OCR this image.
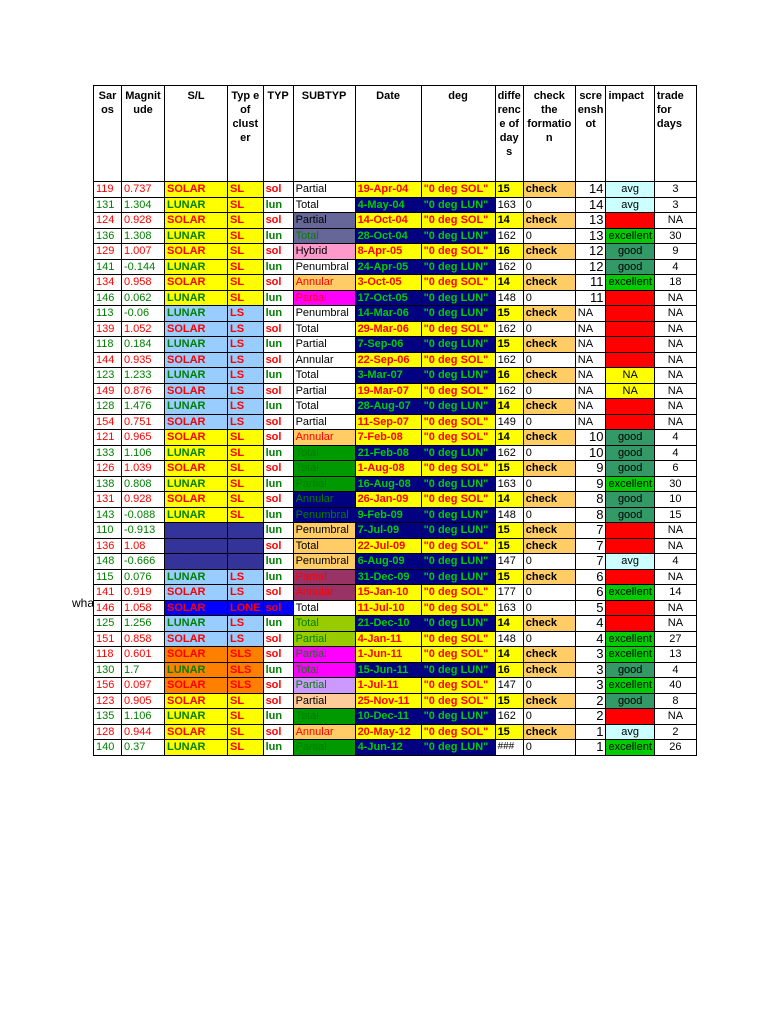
wha
Sar os	Magnit ude	S/L	Typ e of clust er	TYP	SUBTYP	Date	deg	diffe renc e of day s	check the formatio n	scre ensh ot	impact	trade for days
119	0.737	SOLAR	SL	sol	Partial	19-Apr-04	"0 deg SOL"	15	check	14	avg	3
131	1.304	LUNAR	SL	lun	Total	4-May-04	"0 deg LUN"	163	0	14	avg	3
124	0.928	SOLAR	SL	sol	Partial	14-Oct-04	"0 deg SOL"	14	check	13	bad	NA
136	1.308	LUNAR	SL	lun	Total	28-Oct-04	"0 deg LUN"	162	0	13	excellent	30
129	1.007	SOLAR	SL	sol	Hybrid	8-Apr-05	"0 deg SOL"	16	check	12	good	9
141	-0.144	LUNAR	SL	lun	Penumbral	24-Apr-05	"0 deg LUN"	162	0	12	good	4
134	0.958	SOLAR	SL	sol	Annular	3-Oct-05	"0 deg SOL"	14	check	11	excellent	18
146	0.062	LUNAR	SL	lun	Partial	17-Oct-05	"0 deg LUN"	148	0	11	bad	NA
113	-0.06	LUNAR	LS	lun	Penumbral	14-Mar-06	"0 deg LUN"	15	check	NA	bad	NA
139	1.052	SOLAR	LS	sol	Total	29-Mar-06	"0 deg SOL"	162	0	NA	bad	NA
118	0.184	LUNAR	LS	lun	Partial	7-Sep-06	"0 deg LUN"	15	check	NA	bad	NA
144	0.935	SOLAR	LS	sol	Annular	22-Sep-06	"0 deg SOL"	162	0	NA	bad	NA
123	1.233	LUNAR	LS	lun	Total	3-Mar-07	"0 deg LUN"	16	check	NA	NA	NA
149	0.876	SOLAR	LS	sol	Partial	19-Mar-07	"0 deg SOL"	162	0	NA	NA	NA
128	1.476	LUNAR	LS	lun	Total	28-Aug-07	"0 deg LUN"	14	check	NA	bad	NA
154	0.751	SOLAR	LS	sol	Partial	11-Sep-07	"0 deg SOL"	149	0	NA	bad	NA
121	0.965	SOLAR	SL	sol	Annular	7-Feb-08	"0 deg SOL"	14	check	10	good	4
133	1.106	LUNAR	SL	lun	Total	21-Feb-08	"0 deg LUN"	162	0	10	good	4
126	1.039	SOLAR	SL	sol	Total	1-Aug-08	"0 deg SOL"	15	check	9	good	6
138	0.808	LUNAR	SL	lun	Partial	16-Aug-08	"0 deg LUN"	163	0	9	excellent	30
131	0.928	SOLAR	SL	sol	Annular	26-Jan-09	"0 deg SOL"	14	check	8	good	10
143	-0.088	LUNAR	SL	lun	Penumbral	9-Feb-09	"0 deg LUN"	148	0	8	good	15
110	-0.913	LUNAR	LSL	lun	Penumbral	7-Jul-09	"0 deg LUN"	15	check	7	bad	NA
136	1.08	SOLAR	LSL	sol	Total	22-Jul-09	"0 deg SOL"	15	check	7	bad	NA
148	-0.666	LUNAR	LSL	lun	Penumbral	6-Aug-09	"0 deg LUN"	147	0	7	avg	4
115	0.076	LUNAR	LS	lun	Partial	31-Dec-09	"0 deg LUN"	15	check	6	bad	NA
141	0.919	SOLAR	LS	sol	Annular	15-Jan-10	"0 deg SOL"	177	0	6	excellent	14
146	1.058	SOLAR	LONE	sol	Total	11-Jul-10	"0 deg SOL"	163	0	5	bad	NA
125	1.256	LUNAR	LS	lun	Total	21-Dec-10	"0 deg LUN"	14	check	4	bad	NA
151	0.858	SOLAR	LS	sol	Partial	4-Jan-11	"0 deg SOL"	148	0	4	excellent	27
118	0.601	SOLAR	SLS	sol	Partial	1-Jun-11	"0 deg SOL"	14	check	3	excellent	13
130	1.7	LUNAR	SLS	lun	Total	15-Jun-11	"0 deg LUN"	16	check	3	good	4
156	0.097	SOLAR	SLS	sol	Partial	1-Jul-11	"0 deg SOL"	147	0	3	excellent	40
123	0.905	SOLAR	SL	sol	Partial	25-Nov-11	"0 deg SOL"	15	check	2	good	8
135	1.106	LUNAR	SL	lun	Total	10-Dec-11	"0 deg LUN"	162	0	2	bad	NA
128	0.944	SOLAR	SL	sol	Annular	20-May-12	"0 deg SOL"	15	check	1	avg	2
140	0.37	LUNAR	SL	lun	Partial	4-Jun-12	"0 deg LUN"	###	0	1	excellent	26
